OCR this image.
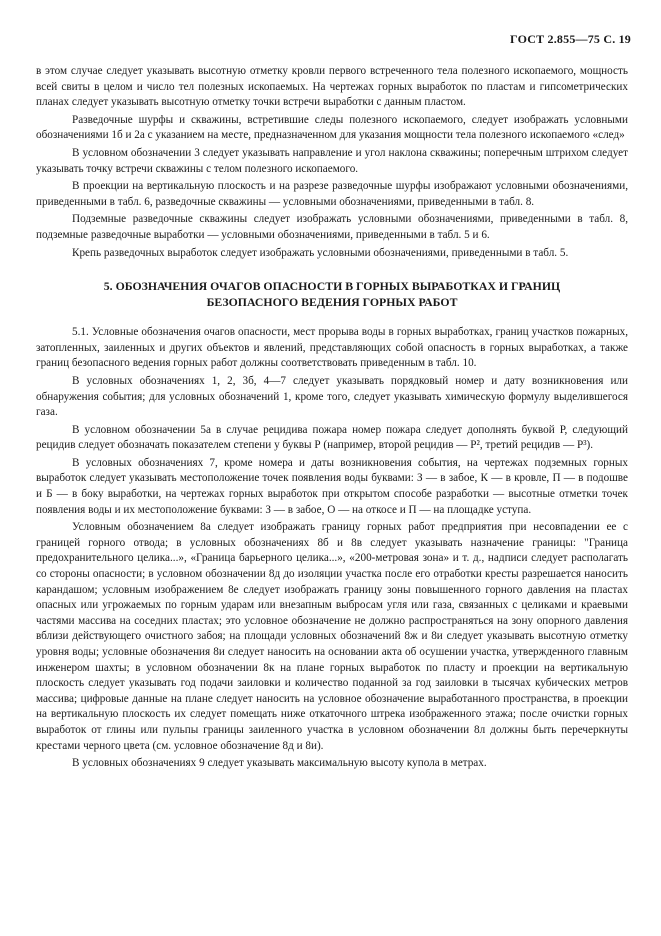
ГОСТ 2.855—75 С. 19

в этом случае следует указывать высотную отметку кровли первого встреченного тела полезного ископаемого, мощность всей свиты в целом и число тел полезных ископаемых. На чертежах горных выработок по пластам и гипсометрических планах следует указывать высотную отметку точки встречи выработки с данным пластом.

Разведочные шурфы и скважины, встретившие следы полезного ископаемого, следует изображать условными обозначениями 1б и 2а с указанием на месте, предназначенном для указания мощности тела полезного ископаемого «след»

В условном обозначении 3 следует указывать направление и угол наклона скважины; поперечным штрихом следует указывать точку встречи скважины с телом полезного ископаемого.

В проекции на вертикальную плоскость и на разрезе разведочные шурфы изображают условными обозначениями, приведенными в табл. 6, разведочные скважины — условными обозначениями, приведенными в табл. 8.

Подземные разведочные скважины следует изображать условными обозначениями, приведенными в табл. 8, подземные разведочные выработки — условными обозначениями, приведенными в табл. 5 и 6.

Крепь разведочных выработок следует изображать условными обозначениями, приведенными в табл. 5.

5. ОБОЗНАЧЕНИЯ ОЧАГОВ ОПАСНОСТИ В ГОРНЫХ ВЫРАБОТКАХ И ГРАНИЦ БЕЗОПАСНОГО ВЕДЕНИЯ ГОРНЫХ РАБОТ

5.1. Условные обозначения очагов опасности, мест прорыва воды в горных выработках, границ участков пожарных, затопленных, заиленных и других объектов и явлений, представляющих собой опасность в горных выработках, а также границ безопасного ведения горных работ должны соответствовать приведенным в табл. 10.

В условных обозначениях 1, 2, 3б, 4—7 следует указывать порядковый номер и дату возникновения или обнаружения события; для условных обозначений 1, кроме того, следует указывать химическую формулу выделившегося газа.

В условном обозначении 5а в случае рецидива пожара номер пожара следует дополнять буквой Р, следующий рецидив следует обозначать показателем степени у буквы Р (например, второй рецидив — Р², третий рецидив — Р³).

В условных обозначениях 7, кроме номера и даты возникновения события, на чертежах подземных горных выработок следует указывать местоположение точек появления воды буквами: З — в забое, К — в кровле, П — в подошве и Б — в боку выработки, на чертежах горных выработок при открытом способе разработки — высотные отметки точек появления воды и их местоположение буквами: З — в забое, О — на откосе и П — на площадке уступа.

Условным обозначением 8а следует изображать границу горных работ предприятия при несовпадении ее с границей горного отвода; в условных обозначениях 8б и 8в следует указывать назначение границы: "Граница предохранительного целика...», «Граница барьерного целика...», «200-метровая зона» и т. д., надписи следует располагать со стороны опасности; в условном обозначении 8д до изоляции участка после его отработки кресты разрешается наносить карандашом; условным изображением 8е следует изображать границу зоны повышенного горного давления на пластах опасных или угрожаемых по горным ударам или внезапным выбросам угля или газа, связанных с целиками и краевыми частями массива на соседних пластах; это условное обозначение не должно распространяться на зону опорного давления вблизи действующего очистного забоя; на площади условных обозначений 8ж и 8и следует указывать высотную отметку уровня воды; условные обозначения 8и следует наносить на основании акта об осушении участка, утвержденного главным инженером шахты; в условном обозначении 8к на плане горных выработок по пласту и проекции на вертикальную плоскость следует указывать год подачи заиловки и количество поданной за год заиловки в тысячах кубических метров массива; цифровые данные на плане следует наносить на условное обозначение выработанного пространства, в проекции на вертикальную плоскость их следует помещать ниже откаточного штрека изображенного этажа; после очистки горных выработок от глины или пульпы границы заиленного участка в условном обозначении 8л должны быть перечеркнуты крестами черного цвета (см. условное обозначение 8д и 8и).

В условных обозначениях 9 следует указывать максимальную высоту купола в метрах.
